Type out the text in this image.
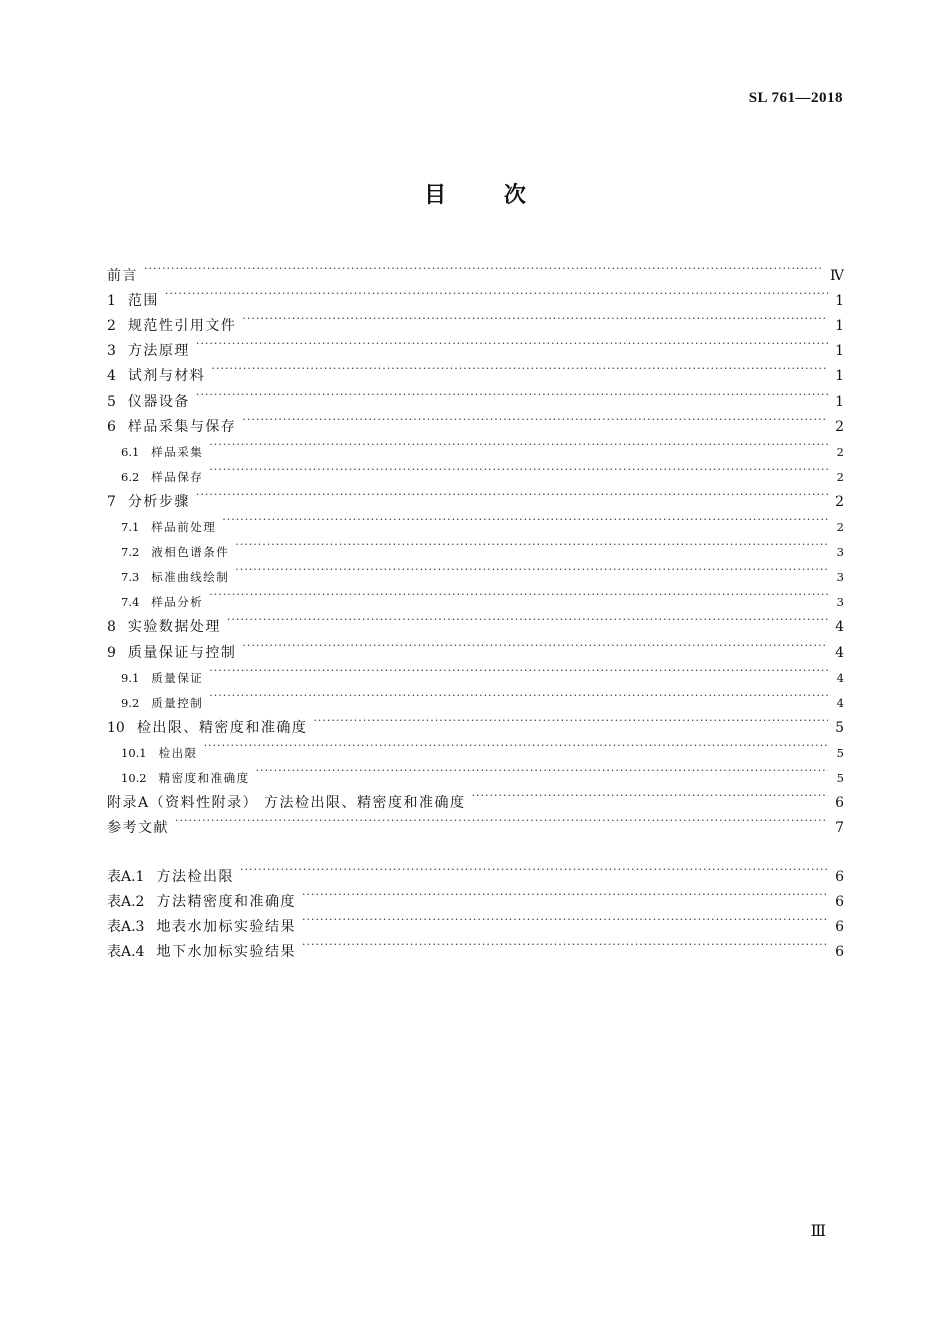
SL 761—2018
目 次
前言 ·····	Ⅳ
1 范围 ·····	1
2 规范性引用文件 ·····	1
3 方法原理 ·····	1
4 试剂与材料 ·····	1
5 仪器设备 ·····	1
6 样品采集与保存 ·····	2
6.1	样品采集 ·····	2
6.2	样品保存 ·····	2
7 分析步骤 ·····	2
7.1	样品前处理 ·····	2
7.2	液相色谱条件 ·····	3
7.3	标准曲线绘制 ·····	3
7.4	样品分析 ·····	3
8 实验数据处理 ·····	4
9 质量保证与控制 ·····	4
9.1	质量保证 ·····	4
9.2	质量控制 ·····	4
10 检出限、精密度和准确度 ·····	5
10.1	检出限 ·····	5
10.2	精密度和准确度 ·····	5
附录A（资料性附录） 方法检出限、精密度和准确度 ·····	6
参考文献 ·····	7
表A.1 方法检出限 ·····	6
表A.2 方法精密度和准确度 ·····	6
表A.3 地表水加标实验结果 ·····	6
表A.4 地下水加标实验结果 ·····	6
Ⅲ
